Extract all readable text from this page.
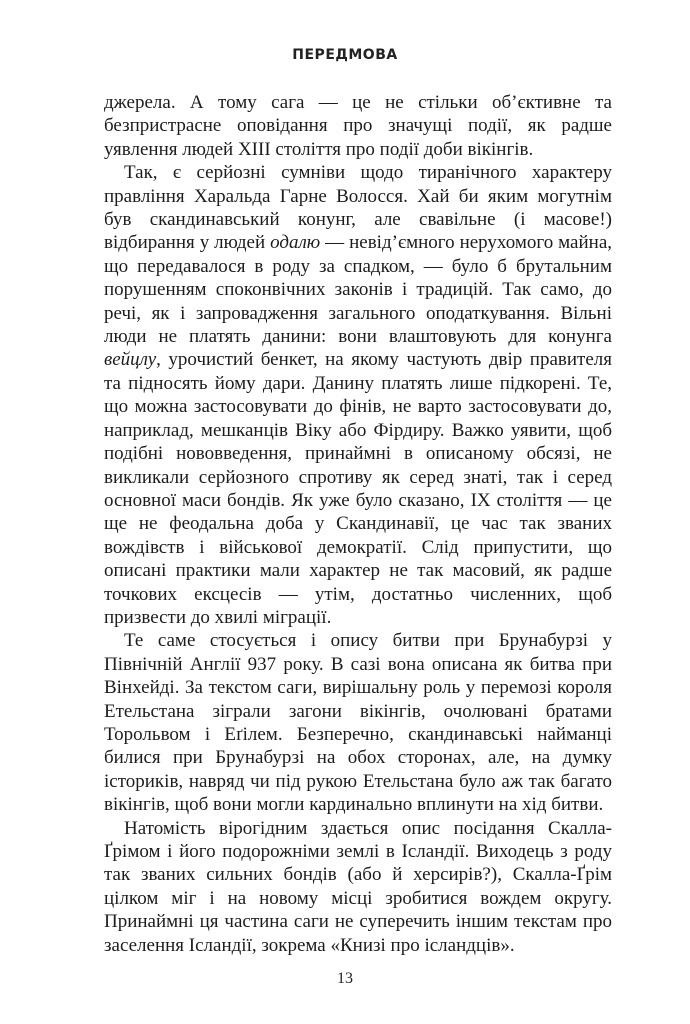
ПЕРЕДМОВА

джерела. А тому сага — це не стільки об’єктивне та безпристрасне оповідання про значущі події, як радше уявлення людей XIII століття про події доби вікінгів.

Так, є серйозні сумніви щодо тиранічного характеру правління Харальда Гарне Волосся. Хай би яким могутнім був скандинавський конунг, але свавільне (і масове!) відбирання у людей одалю — невід’ємного нерухомого майна, що передавалося в роду за спадком, — було б брутальним порушенням споконвічних законів і традицій. Так само, до речі, як і запровадження загального оподаткування. Вільні люди не платять данини: вони влаштовують для конунга вейцлу, урочистий бенкет, на якому частують двір правителя та підносять йому дари. Данину платять лише підкорені. Те, що можна застосовувати до фінів, не варто застосовувати до, наприклад, мешканців Віку або Фірдиру. Важко уявити, щоб подібні нововведення, принаймні в описаному обсязі, не викликали серйозного спротиву як серед знаті, так і серед основної маси бондів. Як уже було сказано, IX століття — це ще не феодальна доба у Скандинавії, це час так званих вождівств і військової демократії. Слід припустити, що описані практики мали характер не так масовий, як радше точкових ексцесів — утім, достатньо численних, щоб призвести до хвилі міграції.

Те саме стосується і опису битви при Брунабурзі у Північній Англії 937 року. В сазі вона описана як битва при Вінхейді. За текстом саги, вирішальну роль у перемозі короля Етельстана зіграли загони вікінгів, очолювані братами Торольвом і Еґілем. Безперечно, скандинавські найманці билися при Брунабурзі на обох сторонах, але, на думку істориків, навряд чи під рукою Етельстана було аж так багато вікінгів, щоб вони могли кардинально вплинути на хід битви.

Натомість вірогідним здається опис посідання Скалла-Ґрімом і його подорожніми землі в Ісландії. Виходець з роду так званих сильних бондів (або й херсирів?), Скалла-Ґрім цілком міг і на новому місці зробитися вождем округу. Принаймні ця частина саги не суперечить іншим текстам про заселення Ісландії, зокрема «Книзі про ісландців».

13
